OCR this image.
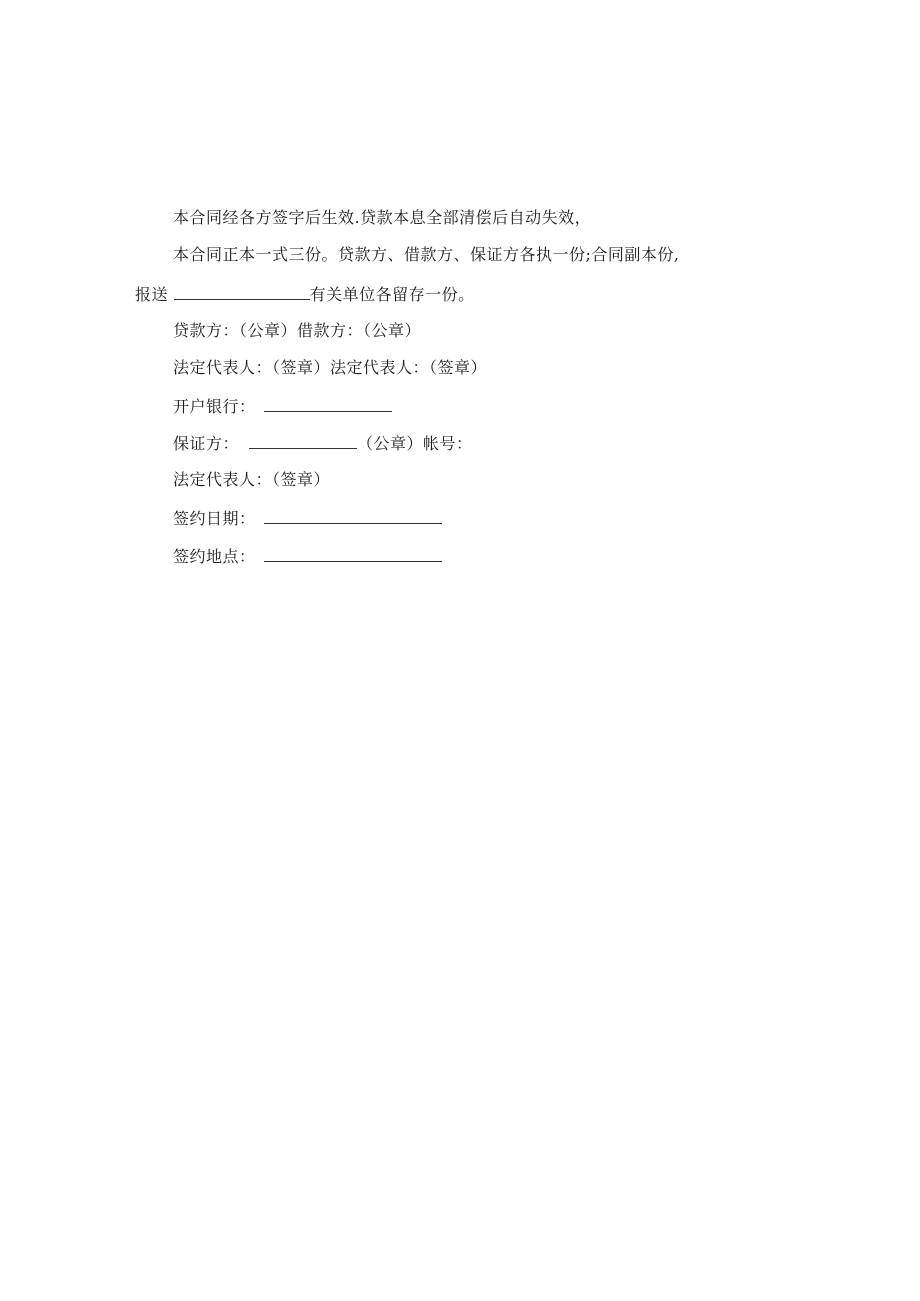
本合同经各方签字后生效.贷款本息全部清偿后自动失效，
本合同正本一式三份。贷款方、借款方、保证方各执一份;合同副本份,
报送	有关单位各留存一份。
贷款方：（公章）借款方：（公章）
法定代表人：（签章）法定代表人：（签章）
开户银行：
保证方：	（公章）帐号：
法定代表人：（签章）
签约日期：
签约地点：
